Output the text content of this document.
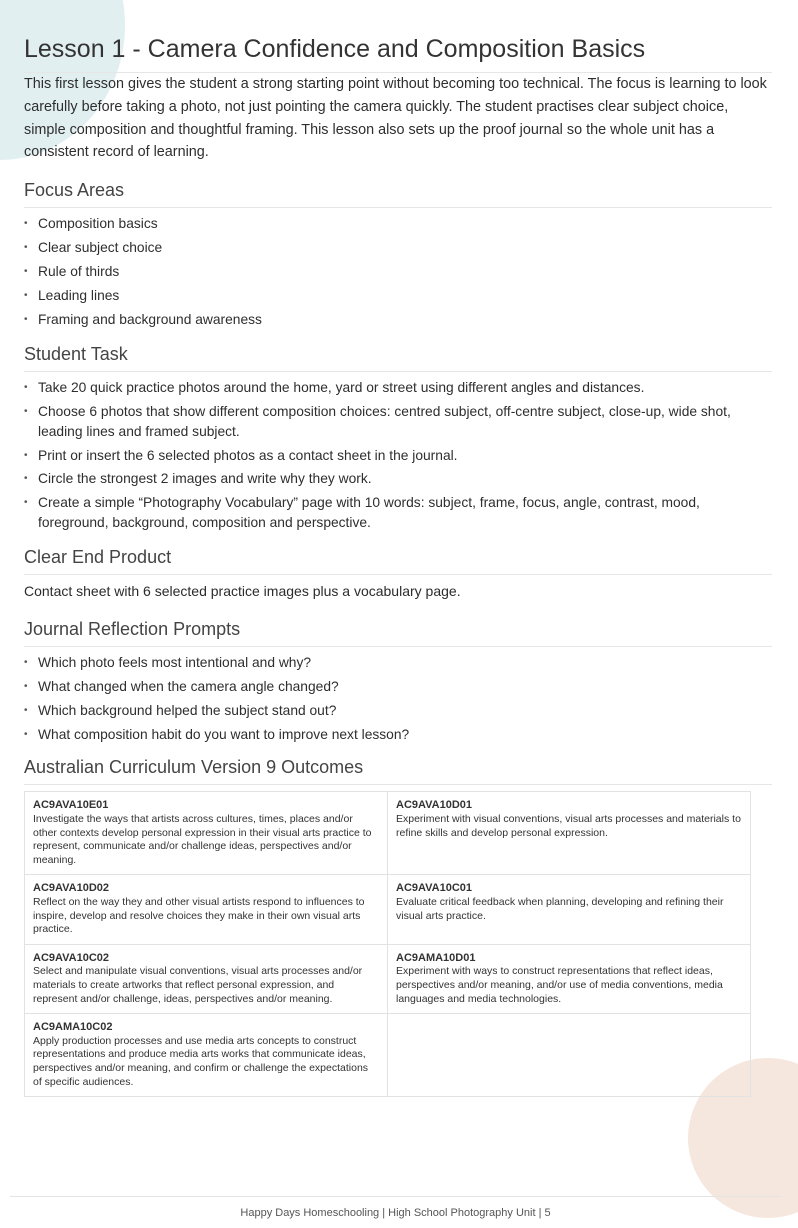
Lesson 1 - Camera Confidence and Composition Basics

This first lesson gives the student a strong starting point without becoming too technical. The focus is learning to look carefully before taking a photo, not just pointing the camera quickly. The student practises clear subject choice, simple composition and thoughtful framing. This lesson also sets up the proof journal so the whole unit has a consistent record of learning.

Focus Areas
• Composition basics
• Clear subject choice
• Rule of thirds
• Leading lines
• Framing and background awareness
Student Task
• Take 20 quick practice photos around the home, yard or street using different angles and distances.
• Choose 6 photos that show different composition choices: centred subject, off-centre subject, close-up, wide shot, leading lines and framed subject.
• Print or insert the 6 selected photos as a contact sheet in the journal.
• Circle the strongest 2 images and write why they work.
• Create a simple “Photography Vocabulary” page with 10 words: subject, frame, focus, angle, contrast, mood, foreground, background, composition and perspective.
Clear End Product
Contact sheet with 6 selected practice images plus a vocabulary page.
Journal Reflection Prompts
• Which photo feels most intentional and why?
• What changed when the camera angle changed?
• Which background helped the subject stand out?
• What composition habit do you want to improve next lesson?
Australian Curriculum Version 9 Outcomes
AC9AVA10E01
Investigate the ways that artists across cultures, times, places and/or other contexts develop personal expression in their visual arts practice to represent, communicate and/or challenge ideas, perspectives and/or meaning.	AC9AVA10D01
Experiment with visual conventions, visual arts processes and materials to refine skills and develop personal expression.

AC9AVA10D02
Reflect on the way they and other visual artists respond to influences to inspire, develop and resolve choices they make in their own visual arts practice.	AC9AVA10C01
Evaluate critical feedback when planning, developing and refining their visual arts practice.

AC9AVA10C02
Select and manipulate visual conventions, visual arts processes and/or materials to create artworks that reflect personal expression, and represent and/or challenge, ideas, perspectives and/or meaning.	AC9AMA10D01
Experiment with ways to construct representations that reflect ideas, perspectives and/or meaning, and/or use of media conventions, media languages and media technologies.

AC9AMA10C02
Apply production processes and use media arts concepts to construct representations and produce media arts works that communicate ideas, perspectives and/or meaning, and confirm or challenge the expectations of specific audiences.	
Happy Days Homeschooling | High School Photography Unit | 5
